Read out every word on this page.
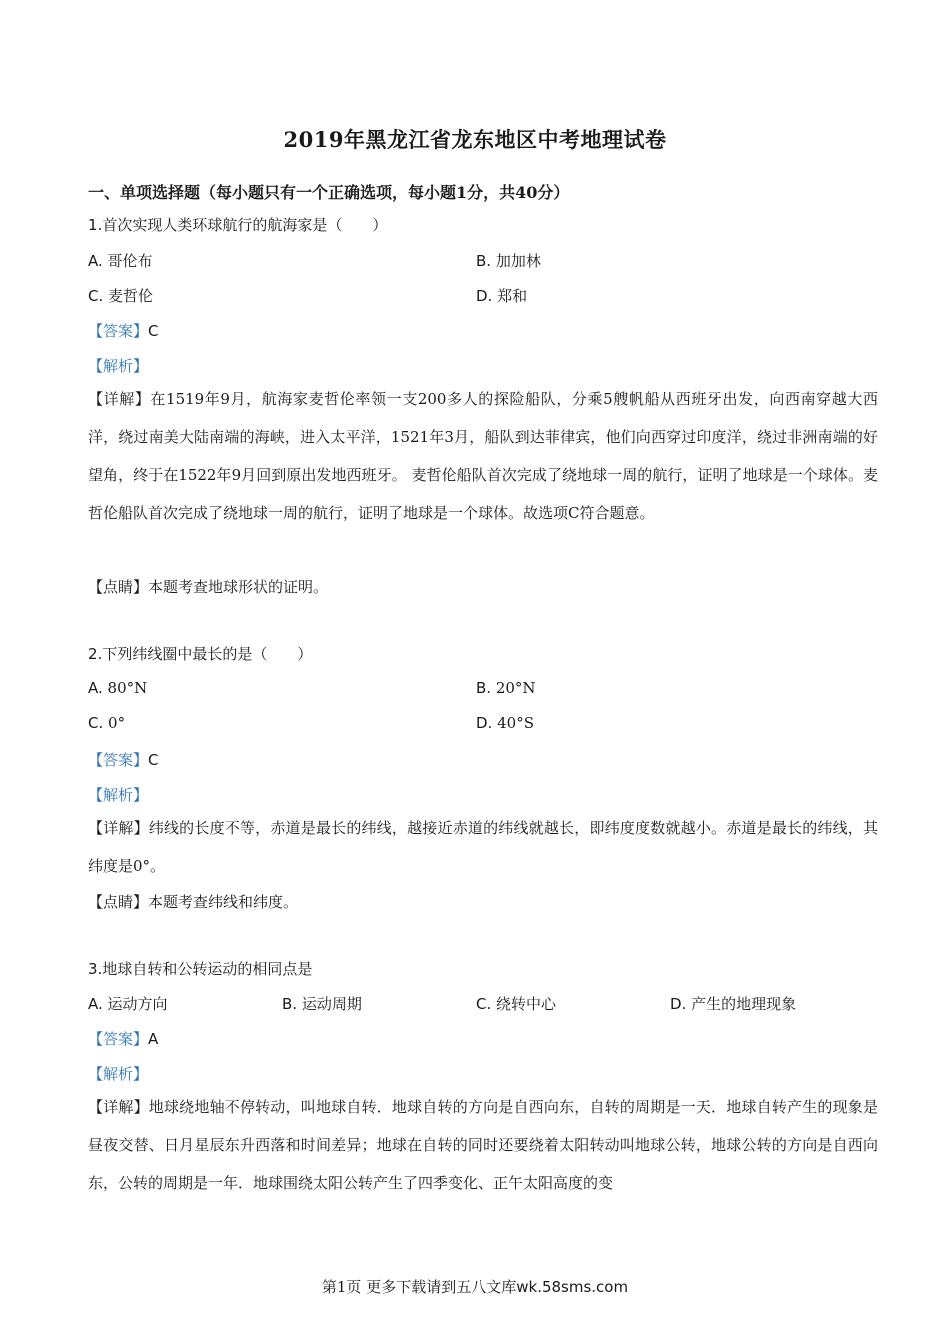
2019年黑龙江省龙东地区中考地理试卷
一、单项选择题（每小题只有一个正确选项，每小题1分，共40分）
1.首次实现人类环球航行的航海家是（　　）
A. 哥伦布	B. 加加林
C. 麦哲伦	D. 郑和
【答案】C
【解析】
【详解】在1519年9月，航海家麦哲伦率领一支200多人的探险船队，分乘5艘帆船从西班牙出发，向西南穿越大西洋，绕过南美大陆南端的海峡，进入太平洋，1521年3月，船队到达菲律宾，他们向西穿过印度洋，绕过非洲南端的好望角，终于在1522年9月回到原出发地西班牙。 麦哲伦船队首次完成了绕地球一周的航行，证明了地球是一个球体。麦哲伦船队首次完成了绕地球一周的航行，证明了地球是一个球体。故选项C符合题意。
【点睛】本题考查地球形状的证明。
2.下列纬线圈中最长的是（　　）
A. 80°N	B. 20°N
C. 0°	D. 40°S
【答案】C
【解析】
【详解】纬线的长度不等，赤道是最长的纬线，越接近赤道的纬线就越长，即纬度度数就越小。赤道是最长的纬线，其纬度是0°。
【点睛】本题考查纬线和纬度。
3.地球自转和公转运动的相同点是
A. 运动方向	B. 运动周期	C. 绕转中心	D. 产生的地理现象
【答案】A
【解析】
【详解】地球绕地轴不停转动，叫地球自转．地球自转的方向是自西向东，自转的周期是一天．地球自转产生的现象是昼夜交替、日月星辰东升西落和时间差异；地球在自转的同时还要绕着太阳转动叫地球公转，地球公转的方向是自西向东，公转的周期是一年．地球围绕太阳公转产生了四季变化、正午太阳高度的变
第1页 更多下载请到五八文库wk.58sms.com
